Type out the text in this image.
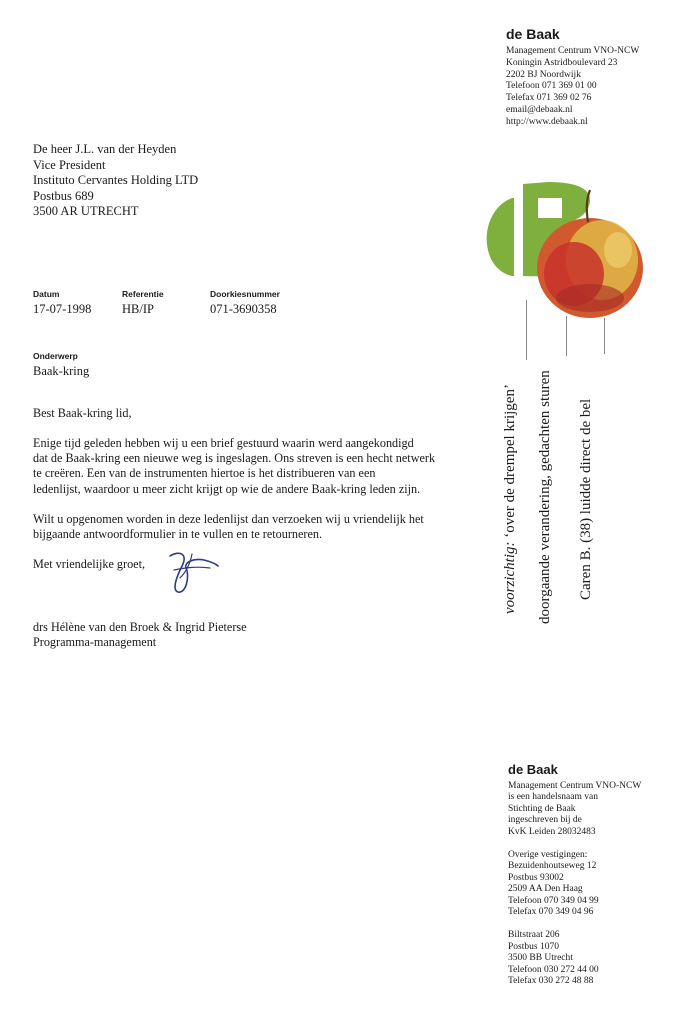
de Baak
Management Centrum VNO-NCW
Koningin Astridboulevard 23
2202 BJ Noordwijk
Telefoon 071 369 01 00
Telefax 071 369 02 76
email@debaak.nl
http://www.debaak.nl
De heer J.L. van der Heyden
Vice President
Instituto Cervantes Holding LTD
Postbus 689
3500 AR UTRECHT
Datum
17-07-1998
Referentie
HB/IP
Doorkiesnummer
071-3690358
Onderwerp
Baak-kring
Best Baak-kring lid,
Enige tijd geleden hebben wij u een brief gestuurd waarin werd aangekondigd
dat de Baak-kring een nieuwe weg is ingeslagen. Ons streven is een hecht netwerk
te creëren. Een van de instrumenten hiertoe is het distribueren van een
ledenlijst, waardoor u meer zicht krijgt op wie de andere Baak-kring leden zijn.
Wilt u opgenomen worden in deze ledenlijst dan verzoeken wij u vriendelijk het
bijgaande antwoordformulier in te vullen en te retourneren.
Met vriendelijke groet,
drs Hélène van den Broek & Ingrid Pieterse
Programma-management
voorzichtig: ‘over de drempel krijgen’ doorgaande verandering, gedachten sturen Caren B. (38) luidde direct de bel
de Baak
Management Centrum VNO-NCW
is een handelsnaam van
Stichting de Baak
ingeschreven bij de
KvK Leiden 28032483
Overige vestigingen:
Bezuidenhoutseweg 12
Postbus 93002
2509 AA Den Haag
Telefoon 070 349 04 99
Telefax 070 349 04 96
Biltstraat 206
Postbus 1070
3500 BB Utrecht
Telefoon 030 272 44 00
Telefax 030 272 48 88
